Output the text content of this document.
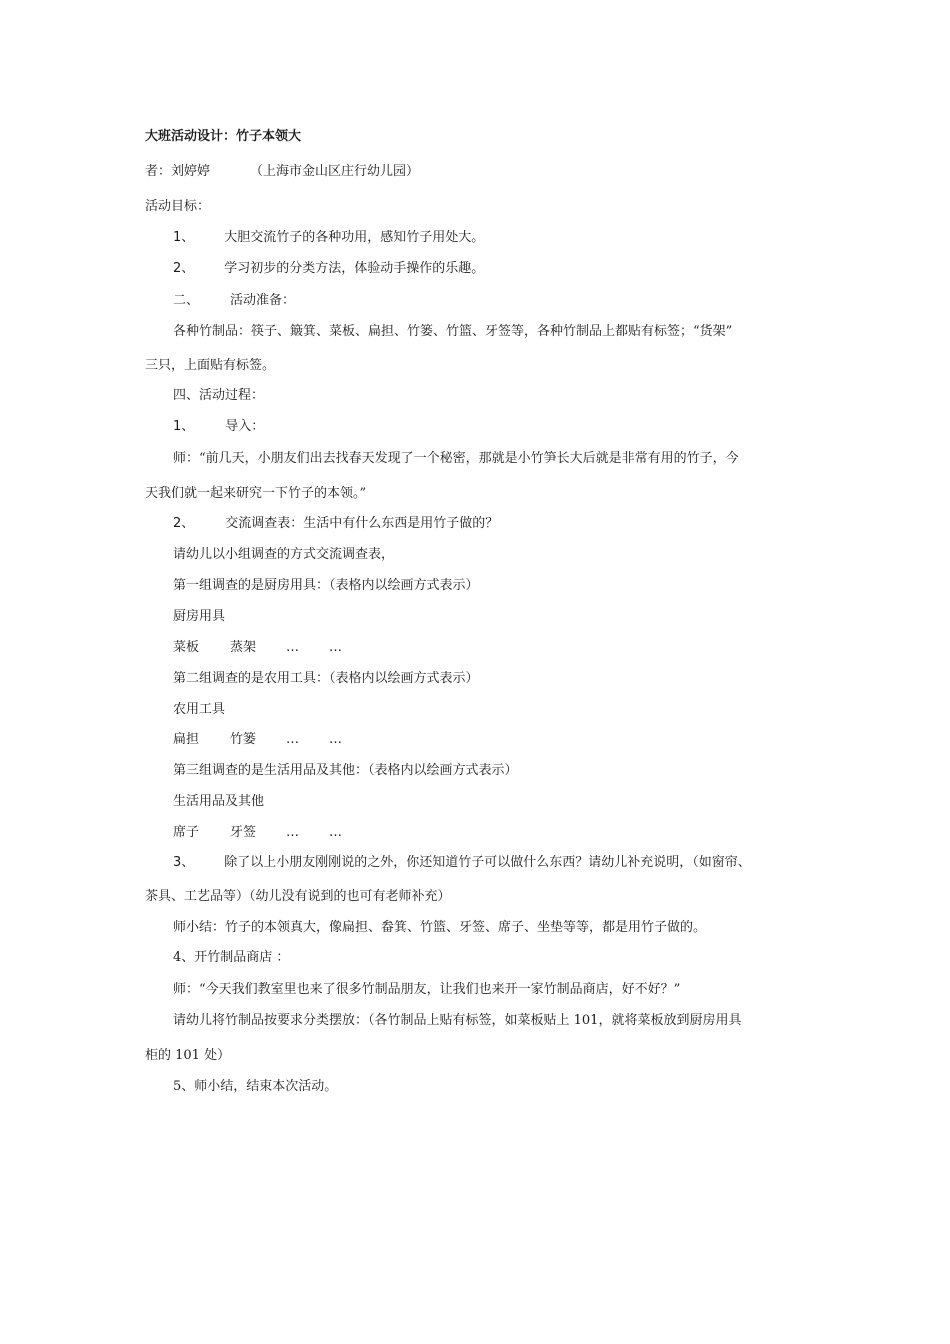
大班活动设计：竹子本领大
者：刘婷婷	（上海市金山区庄行幼儿园）
活动目标：
1、 大胆交流竹子的各种功用，感知竹子用处大。
2、 学习初步的分类方法，体验动手操作的乐趣。
二、 活动准备：
各种竹制品：筷子、簸箕、菜板、扁担、竹篓、竹篮、牙签等，各种竹制品上都贴有标签；“货架”
三只，上面贴有标签。
四、活动过程：
1、 导入：
师：“前几天，小朋友们出去找春天发现了一个秘密，那就是小竹笋长大后就是非常有用的竹子，今
天我们就一起来研究一下竹子的本领。”
2、 交流调查表：生活中有什么东西是用竹子做的？
请幼儿以小组调查的方式交流调查表，
第一组调查的是厨房用具：（表格内以绘画方式表示）
厨房用具
菜板 蒸架 … …
第二组调查的是农用工具：（表格内以绘画方式表示）
农用工具
扁担 竹篓 … …
第三组调查的是生活用品及其他：（表格内以绘画方式表示）
生活用品及其他
席子 牙签 … …
3、 除了以上小朋友刚刚说的之外，你还知道竹子可以做什么东西？请幼儿补充说明，（如窗帘、
茶具、工艺品等）（幼儿没有说到的也可有老师补充）
师小结：竹子的本领真大，像扁担、畚箕、竹篮、牙签、席子、坐垫等等，都是用竹子做的。
4、开竹制品商店 ：
师：“今天我们教室里也来了很多竹制品朋友，让我们也来开一家竹制品商店，好不好？”
请幼儿将竹制品按要求分类摆放：（各竹制品上贴有标签，如菜板贴上 101，就将菜板放到厨房用具
柜的 101 处）
5、师小结，结束本次活动。
